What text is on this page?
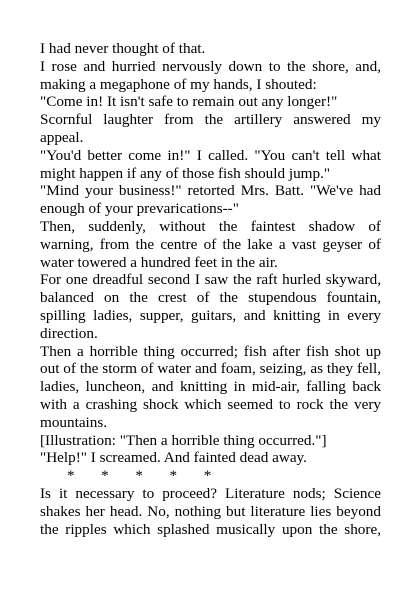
I had never thought of that.

I rose and hurried nervously down to the shore, and, making a megaphone of my hands, I shouted:

"Come in! It isn't safe to remain out any longer!"

Scornful laughter from the artillery answered my appeal.

"You'd better come in!" I called. "You can't tell what might happen if any of those fish should jump."

"Mind your business!" retorted Mrs. Batt. "We've had enough of your prevarications--"

Then, suddenly, without the faintest shadow of warning, from the centre of the lake a vast geyser of water towered a hundred feet in the air.

For one dreadful second I saw the raft hurled skyward, balanced on the crest of the stupendous fountain, spilling ladies, supper, guitars, and knitting in every direction.

Then a horrible thing occurred; fish after fish shot up out of the storm of water and foam, seizing, as they fell, ladies, luncheon, and knitting in mid-air, falling back with a crashing shock which seemed to rock the very mountains.

[Illustration: "Then a horrible thing occurred."]

"Help!" I screamed. And fainted dead away.

*       *       *       *       *

Is it necessary to proceed? Literature nods; Science shakes her head. No, nothing but literature lies beyond the ripples which splashed musically upon the shore,
